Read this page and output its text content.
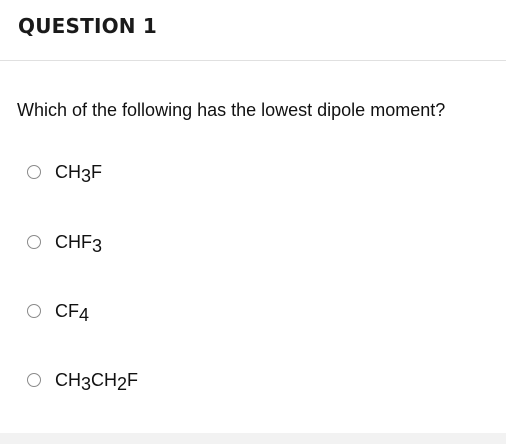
QUESTION 1
Which of the following has the lowest dipole moment?
CH3F
CHF3
CF4
CH3CH2F
